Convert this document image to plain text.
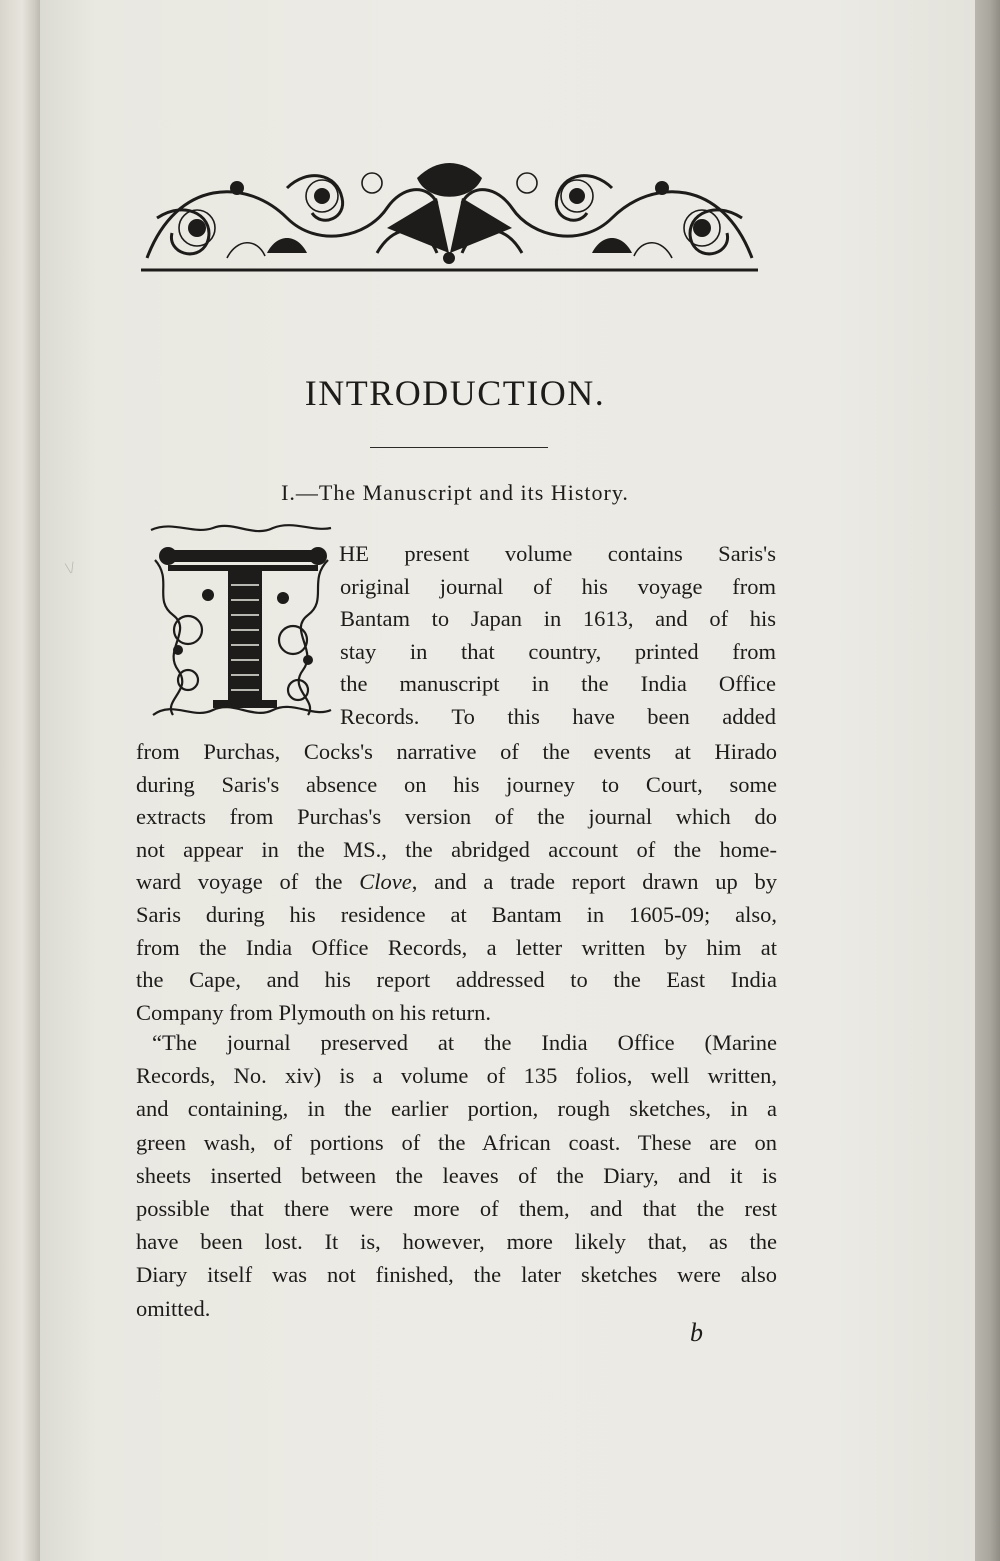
\/
INTRODUCTION.
I.—The Manuscript and its History.
T
HE present volume contains Saris's
original journal of his voyage from
Bantam to Japan in 1613, and of his
stay in that country, printed from
the manuscript in the India Office
Records. To this have been added
from Purchas, Cocks's narrative of the events at Hirado
during Saris's absence on his journey to Court, some
extracts from Purchas's version of the journal which do
not appear in the MS., the abridged account of the home-
ward voyage of the Clove, and a trade report drawn up by
Saris during his residence at Bantam in 1605-09; also,
from the India Office Records, a letter written by him at
the Cape, and his report addressed to the East India
Company from Plymouth on his return.
“The journal preserved at the India Office (Marine
Records, No. xiv) is a volume of 135 folios, well written,
and containing, in the earlier portion, rough sketches, in a
green wash, of portions of the African coast. These are on
sheets inserted between the leaves of the Diary, and it is
possible that there were more of them, and that the rest
have been lost. It is, however, more likely that, as the
Diary itself was not finished, the later sketches were also
omitted.
b
